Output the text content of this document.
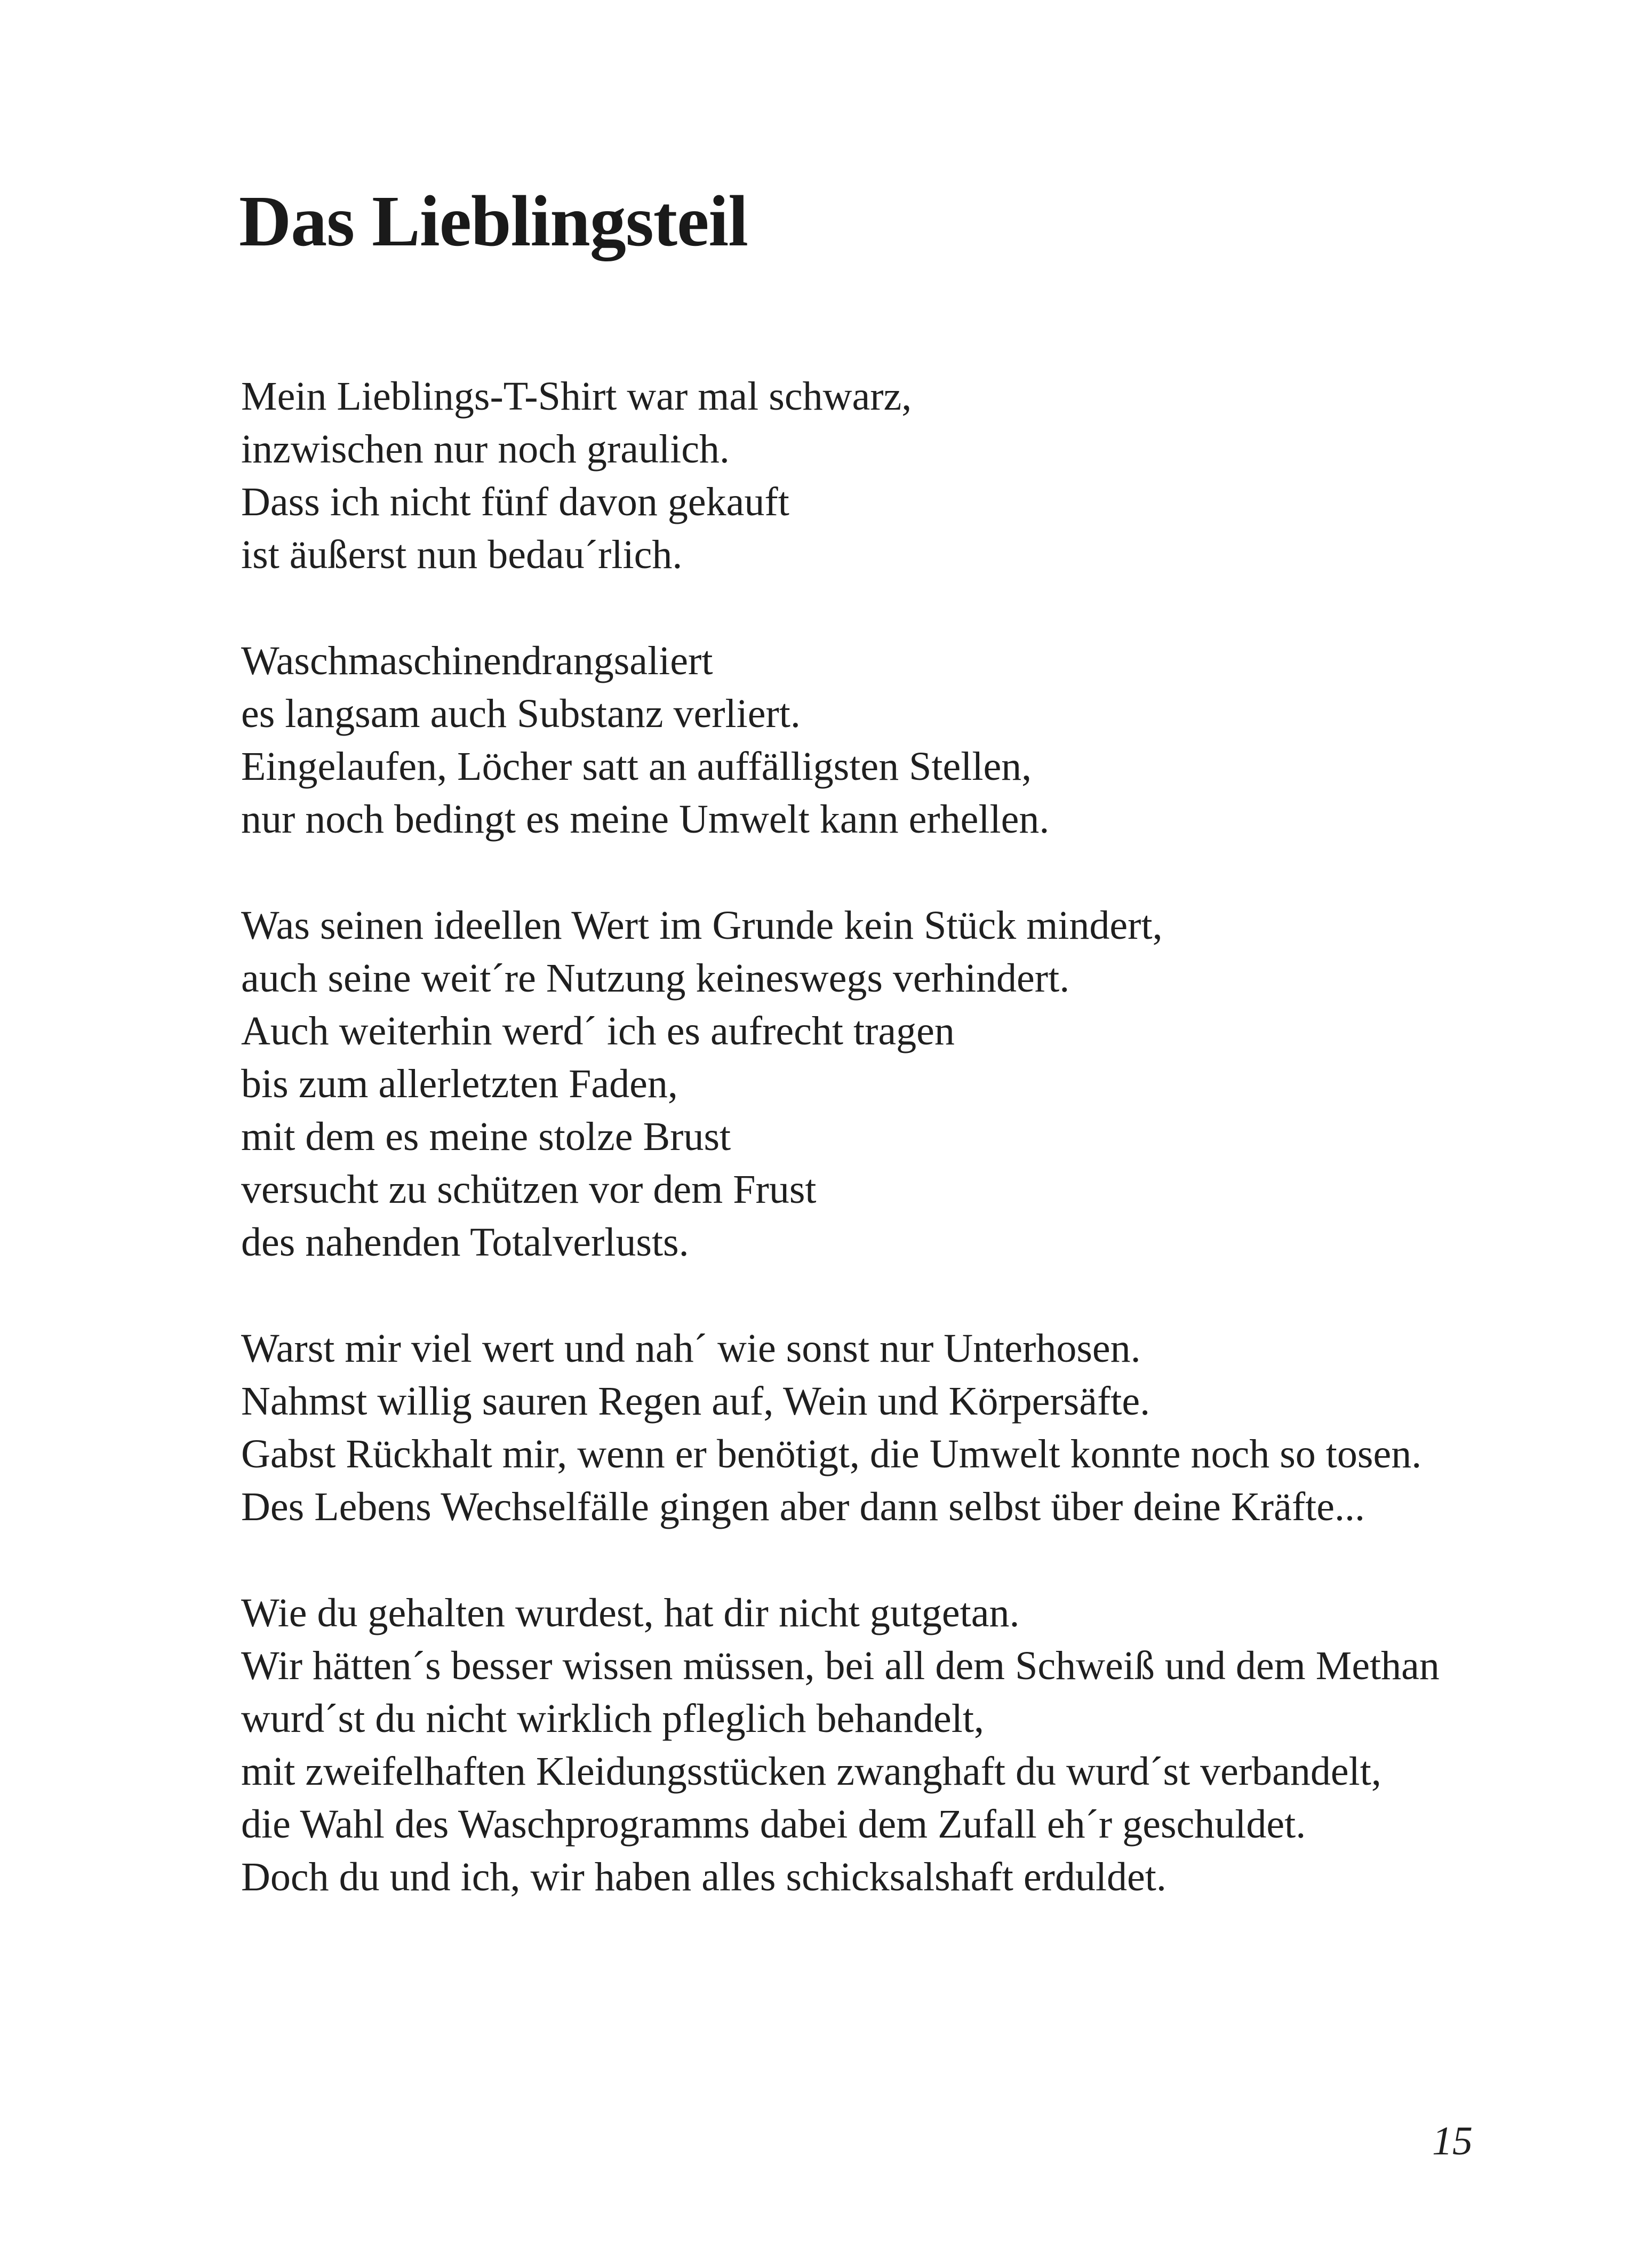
Das Lieblingsteil
Mein Lieblings-T-Shirt war mal schwarz,
inzwischen nur noch graulich.
Dass ich nicht fünf davon gekauft
ist äußerst nun bedau´rlich.
Waschmaschinendrangsaliert
es langsam auch Substanz verliert.
Eingelaufen, Löcher satt an auffälligsten Stellen,
nur noch bedingt es meine Umwelt kann erhellen.
Was seinen ideellen Wert im Grunde kein Stück mindert,
auch seine weit´re Nutzung keineswegs verhindert.
Auch weiterhin werd´ ich es aufrecht tragen
bis zum allerletzten Faden,
mit dem es meine stolze Brust
versucht zu schützen vor dem Frust
des nahenden Totalverlusts.
Warst mir viel wert und nah´ wie sonst nur Unterhosen.
Nahmst willig sauren Regen auf, Wein und Körpersäfte.
Gabst Rückhalt mir, wenn er benötigt, die Umwelt konnte noch so tosen.
Des Lebens Wechselfälle gingen aber dann selbst über deine Kräfte...
Wie du gehalten wurdest, hat dir nicht gutgetan.
Wir hätten´s besser wissen müssen, bei all dem Schweiß und dem Methan
wurd´st du nicht wirklich pfleglich behandelt,
mit zweifelhaften Kleidungsstücken zwanghaft du wurd´st verbandelt,
die Wahl des Waschprogramms dabei dem Zufall eh´r geschuldet.
Doch du und ich, wir haben alles schicksalshaft erduldet.
15
